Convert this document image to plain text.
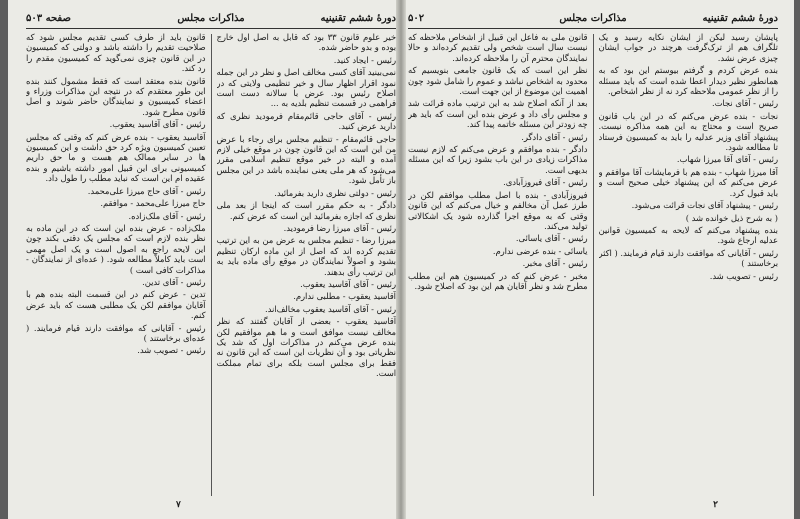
دورهٔ ششم تقنینیه
مذاکرات مجلس
صفحه ۵۰۳

خیر علوم قانون ۳۳ بود که قابل به اصل اول خارج بوده و بدو حاضر شده.

رئیس - ایجاد کنید.

نمی‌بینید آقای کسی مخالف اصل و نظر در این جمله نمود اقرار اظهار سال و خیر تنظیمی ولایتی که در اصلاح رئیس بود. عرض با سالانه دست است فراهمی در قسمت تنظیم بلدیه به ...

رئیس - آقای حاجی قائم‌مقام فرمودید نظری که دارید عرض کنید.

حاجی قائم‌مقام - تنظیم مجلس برای رجاء با عرض من این است که این قانون چون در موقع خیلی لازم آمده و البته در خیر موقع تنظیم اسلامی مقرر می‌شود که هر ملی یعنی نماینده باشد در این مجلس باز تأمل شود.

رئیس - دولتی نظری دارید بفرمائید.

دادگر - به حکم مقرر است که اینجا از بعد ملی نظری که اجازه بفرمائید این است که عرض کنم.

رئیس - آقای میرزا رضا فرمودید.

میرزا رضا - تنظیم مجلس به عرض من به این ترتیب تقدیم کرده اند که اصل از این ماده ارکان تنظیم بشود و اصولاً نمایندگان در موقع رأی ماده باید به این ترتیب رأی بدهند.

رئیس - آقای آقاسید یعقوب.

آقاسید یعقوب - مطلبی ندارم.

رئیس - آقای آقاسید یعقوب مخالف‌اند.

آقاسید یعقوب - بعضی از آقایان گفتند که نظر مخالف نیست موافق است و ما هم موافقیم لکن بنده عرض می‌کنم در مذاکرات اول که شد یک نظریاتی بود و آن نظریات این است که این قانون نه فقط برای مجلس است بلکه برای تمام مملکت است.

قانون باید از طرف کسی تقدیم مجلس شود که صلاحیت تقدیم را داشته باشد و دولتی که کمیسیون در این قانون چیزی نمی‌گوید که کمیسیون مقدم را رد کند.

قانون بنده معتقد است که فقط مشمول کنند بنده این طور معتقدم که در نتیجه این مذاکرات وزراء و اعضاء کمیسیون و نمایندگان حاضر شوند و اصل قانون مطرح شود.

رئیس - آقای آقاسید یعقوب.

آقاسید یعقوب - بنده عرض کنم که وقتی که مجلس تعیین کمیسیون ویژه کرد حق داشت و این کمیسیون ها در سایر ممالک هم هست و ما حق داریم کمیسیونی برای این قبیل امور داشته باشیم و بنده عقیده ام این است که نباید مطلب را طول داد.

رئیس - آقای حاج میرزا علی‌محمد.

حاج میرزا علی‌محمد - موافقم.

رئیس - آقای ملک‌زاده.

ملک‌زاده - عرض بنده این است که در این ماده به نظر بنده لازم است که مجلس یک دقتی بکند چون این لایحه راجع به اصول است و یک اصل مهمی است باید کاملاً مطالعه شود. ( عده‌ای از نمایندگان - مذاکرات کافی است )

رئیس - آقای تدین.

تدین - عرض کنم در این قسمت البته بنده هم با آقایان موافقم لکن یک مطلبی هست که باید عرض کنم.

رئیس - آقایانی که موافقت دارند قیام فرمایند. ( عده‌ای برخاستند )

رئیس - تصویب شد.

۷
دورهٔ ششم تقنینیه
مذاکرات مجلس
۵۰۲

پایشان رسید لیکن از ایشان نکایه رسید و یک تلگراف هم از ترک‌گرفت هرچند در جواب ایشان چیزی عرض نشد.

بنده عرض کردم و گرفتم بیوستم این بود که به همانطور نظیر دیدار اعطا شده است که باید مسئله را از نظر عمومی ملاحظه کرد نه از نظر اشخاص.

رئیس - آقای نجات.

نجات - بنده عرض می‌کنم که در این باب قانون صریح است و محتاج به این همه مذاکره نیست. پیشنهاد آقای وزیر عدلیه را باید به کمیسیون فرستاد تا مطالعه شود.

رئیس - آقای آقا میرزا شهاب.

آقا میرزا شهاب - بنده هم با فرمایشات آقا موافقم و عرض می‌کنم که این پیشنهاد خیلی صحیح است و باید قبول کرد.

رئیس - پیشنهاد آقای نجات قرائت می‌شود.

( به شرح ذیل خوانده شد )

بنده پیشنهاد می‌کنم که لایحه به کمیسیون قوانین عدلیه ارجاع شود.

رئیس - آقایانی که موافقت دارند قیام فرمایند. ( اکثر برخاستند )

رئیس - تصویب شد.

قانون ملی به فاعل این قبیل از اشخاص ملاحظه که نیست سال است شخص ولی تقدیم کرده‌اند و حالا نمایندگان محترم آن را ملاحظه کرده‌اند.

نظر این است که یک قانون جامعی بنویسیم که محدود به اشخاص نباشد و عموم را شامل شود چون اهمیت این موضوع از این جهت است.

بعد از آنکه اصلاح شد به این ترتیب ماده قرائت شد و مجلس رأی داد و عرض بنده این است که باید هر چه زودتر این مسئله خاتمه پیدا کند.

رئیس - آقای دادگر.

دادگر - بنده موافقم و عرض می‌کنم که لازم نیست مذاکرات زیادی در این باب بشود زیرا که این مسئله بدیهی است.

رئیس - آقای فیروزآبادی.

فیروزآبادی - بنده با اصل مطلب موافقم لکن در طرز عمل آن مخالفم و خیال می‌کنم که این قانون وقتی که به موقع اجرا گذارده شود یک اشکالاتی تولید می‌کند.

رئیس - آقای یاسائی.

یاسائی - بنده عرضی ندارم.

رئیس - آقای مخبر.

مخبر - عرض کنم که در کمیسیون هم این مطلب مطرح شد و نظر آقایان هم این بود که اصلاح شود.

۲
